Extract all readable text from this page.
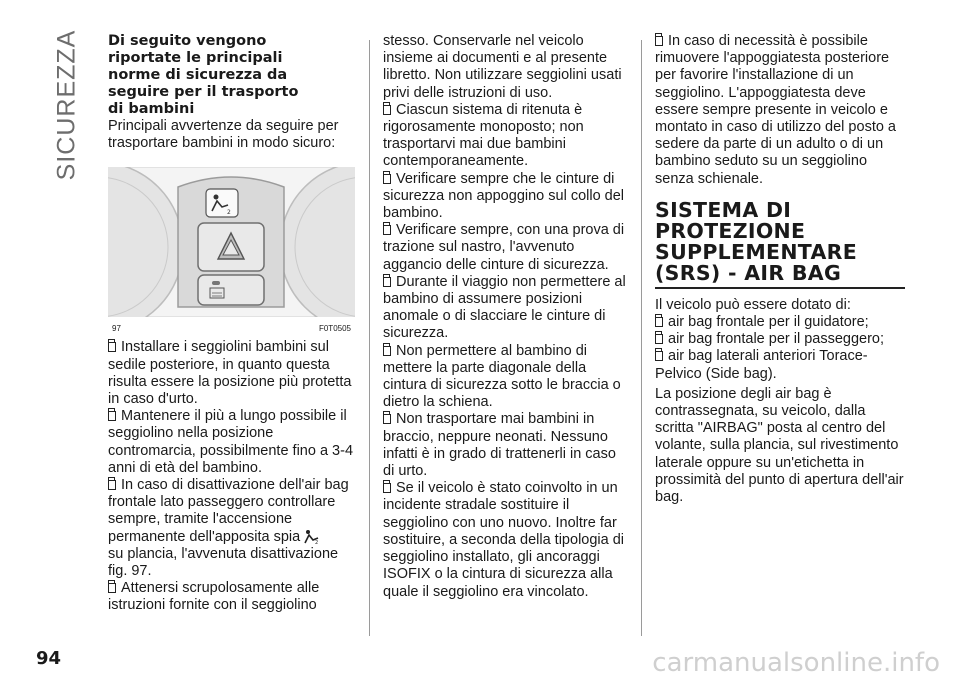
SICUREZZA Di seguito vengono
riportate le principali
norme di sicurezza da
seguire per il trasporto
di bambini

Principali avvertenze da seguire per trasportare bambini in modo sicuro:

2
97	F0T0505

Installare i seggiolini bambini sul sedile posteriore, in quanto questa risulta essere la posizione più protetta in caso d'urto.

Mantenere il più a lungo possibile il seggiolino nella posizione contromarcia, possibilmente fino a 3-4 anni di età del bambino.

In caso di disattivazione dell'air bag frontale lato passeggero controllare sempre, tramite l'accensione permanente dell'apposita spia	2

su plancia, l'avvenuta disattivazione fig. 97.

Attenersi scrupolosamente alle istruzioni fornite con il seggiolino

stesso. Conservarle nel veicolo insieme ai documenti e al presente libretto. Non utilizzare seggiolini usati privi delle istruzioni di uso.

Ciascun sistema di ritenuta è rigorosamente monoposto; non trasportarvi mai due bambini contemporaneamente.

Verificare sempre che le cinture di sicurezza non appoggino sul collo del bambino.

Verificare sempre, con una prova di trazione sul nastro, l'avvenuto aggancio delle cinture di sicurezza.

Durante il viaggio non permettere al bambino di assumere posizioni anomale o di slacciare le cinture di sicurezza.

Non permettere al bambino di mettere la parte diagonale della cintura di sicurezza sotto le braccia o dietro la schiena.

Non trasportare mai bambini in braccio, neppure neonati. Nessuno infatti è in grado di trattenerli in caso di urto.

Se il veicolo è stato coinvolto in un incidente stradale sostituire il seggiolino con uno nuovo. Inoltre far sostituire, a seconda della tipologia di seggiolino installato, gli ancoraggi ISOFIX o la cintura di sicurezza alla quale il seggiolino era vincolato.

In caso di necessità è possibile rimuovere l'appoggiatesta posteriore per favorire l'installazione di un seggiolino. L'appoggiatesta deve essere sempre presente in veicolo e montato in caso di utilizzo del posto a sedere da parte di un adulto o di un bambino seduto su un seggiolino senza schienale.

SISTEMA DI
PROTEZIONE
SUPPLEMENTARE
(SRS) - AIR BAG

Il veicolo può essere dotato di:

air bag frontale per il guidatore;

air bag frontale per il passeggero;

air bag laterali anteriori Torace-Pelvico (Side bag).

La posizione degli air bag è contrassegnata, su veicolo, dalla scritta "AIRBAG" posta al centro del volante, sulla plancia, sul rivestimento laterale oppure su un'etichetta in prossimità del punto di apertura dell'air bag.

94	carmanualsonline.info
